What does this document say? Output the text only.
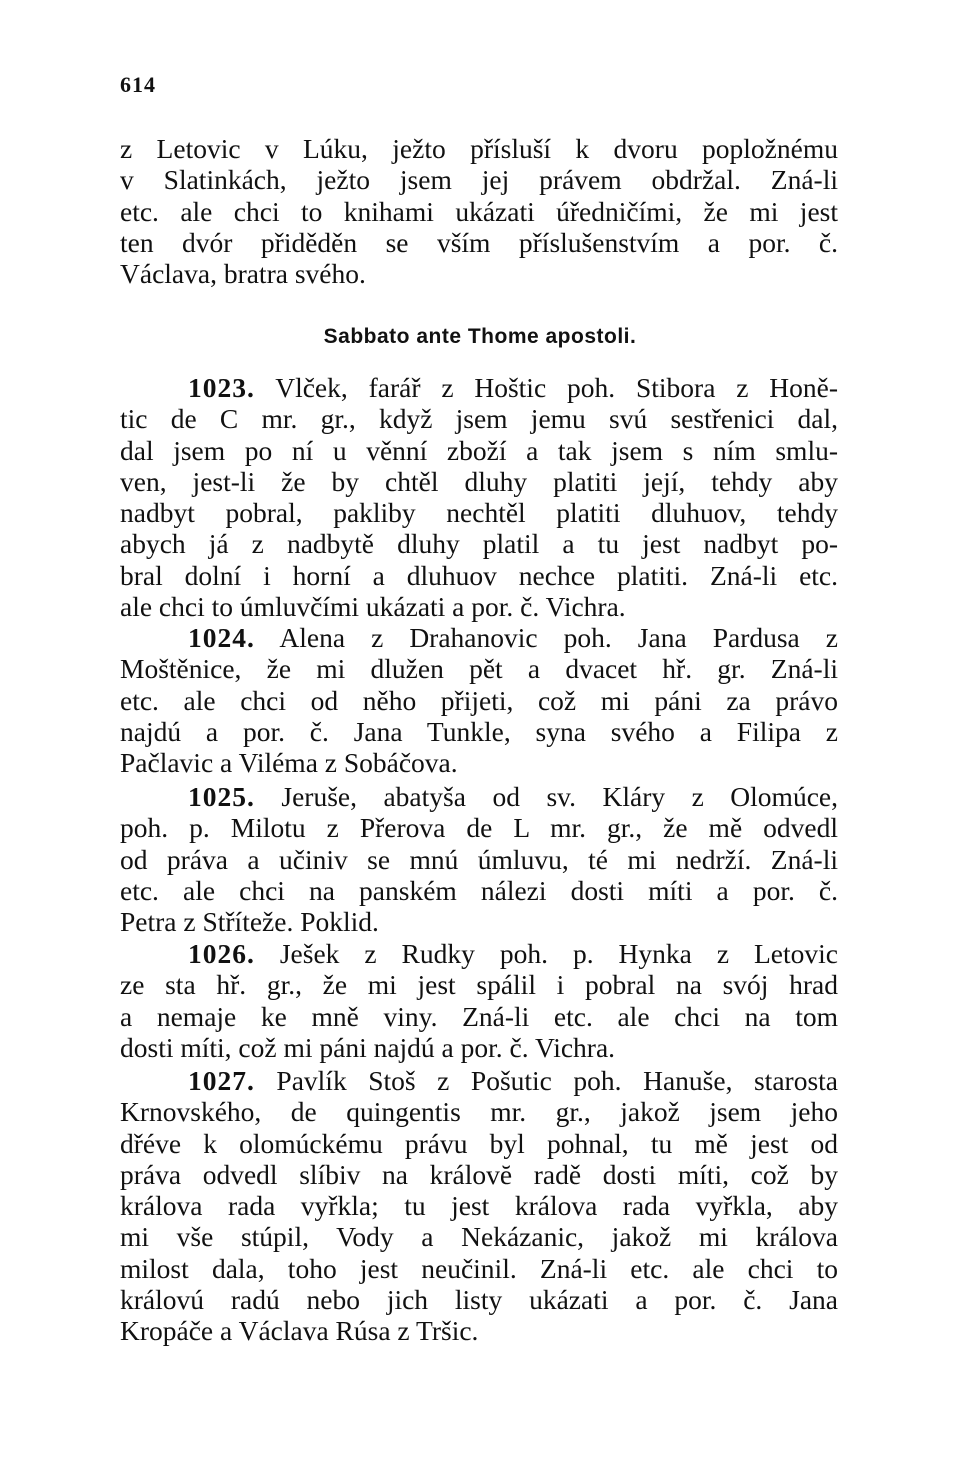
614
z Letovic v Lúku, ježto přísluší k dvoru popložnému
v Slatinkách, ježto jsem jej právem obdržal. Zná-li
etc. ale chci to knihami ukázati úředničími, že mi jest
ten dvór přiděděn se vším příslušenstvím a por. č.
Václava, bratra svého.
Sabbato ante Thome apostoli.
1023. Vlček, farář z Hoštic poh. Stibora z Honě-
tic de C mr. gr., když jsem jemu svú sestřenici dal,
dal jsem po ní u věnní zboží a tak jsem s ním smlu-
ven, jest-li že by chtěl dluhy platiti její, tehdy aby
nadbyt pobral, pakliby nechtěl platiti dluhuov, tehdy
abych já z nadbytě dluhy platil a tu jest nadbyt po-
bral dolní i horní a dluhuov nechce platiti. Zná-li etc.
ale chci to úmluvčími ukázati a por. č. Vichra.
1024. Alena z Drahanovic poh. Jana Pardusa z
Moštěnice, že mi dlužen pět a dvacet hř. gr. Zná-li
etc. ale chci od něho přijeti, což mi páni za právo
najdú a por. č. Jana Tunkle, syna svého a Filipa z
Pačlavic a Viléma z Sobáčova.
1025. Jeruše, abatyša od sv. Kláry z Olomúce,
poh. p. Milotu z Přerova de L mr. gr., že mě odvedl
od práva a učiniv se mnú úmluvu, té mi nedrží. Zná-li
etc. ale chci na panském nálezi dosti míti a por. č.
Petra z Stříteže. Poklid.
1026. Ješek z Rudky poh. p. Hynka z Letovic
ze sta hř. gr., že mi jest spálil i pobral na svój hrad
a nemaje ke mně viny. Zná-li etc. ale chci na tom
dosti míti, což mi páni najdú a por. č. Vichra.
1027. Pavlík Stoš z Pošutic poh. Hanuše, starosta
Krnovského, de quingentis mr. gr., jakož jsem jeho
dřéve k olomúckému právu byl pohnal, tu mě jest od
práva odvedl slíbiv na královĕ radě dosti míti, což by
králova rada vyřkla; tu jest králova rada vyřkla, aby
mi vše stúpil, Vody a Nekázanic, jakož mi králova
milost dala, toho jest neučinil. Zná-li etc. ale chci to
královú radú nebo jich listy ukázati a por. č. Jana
Kropáče a Václava Rúsa z Tršic.
